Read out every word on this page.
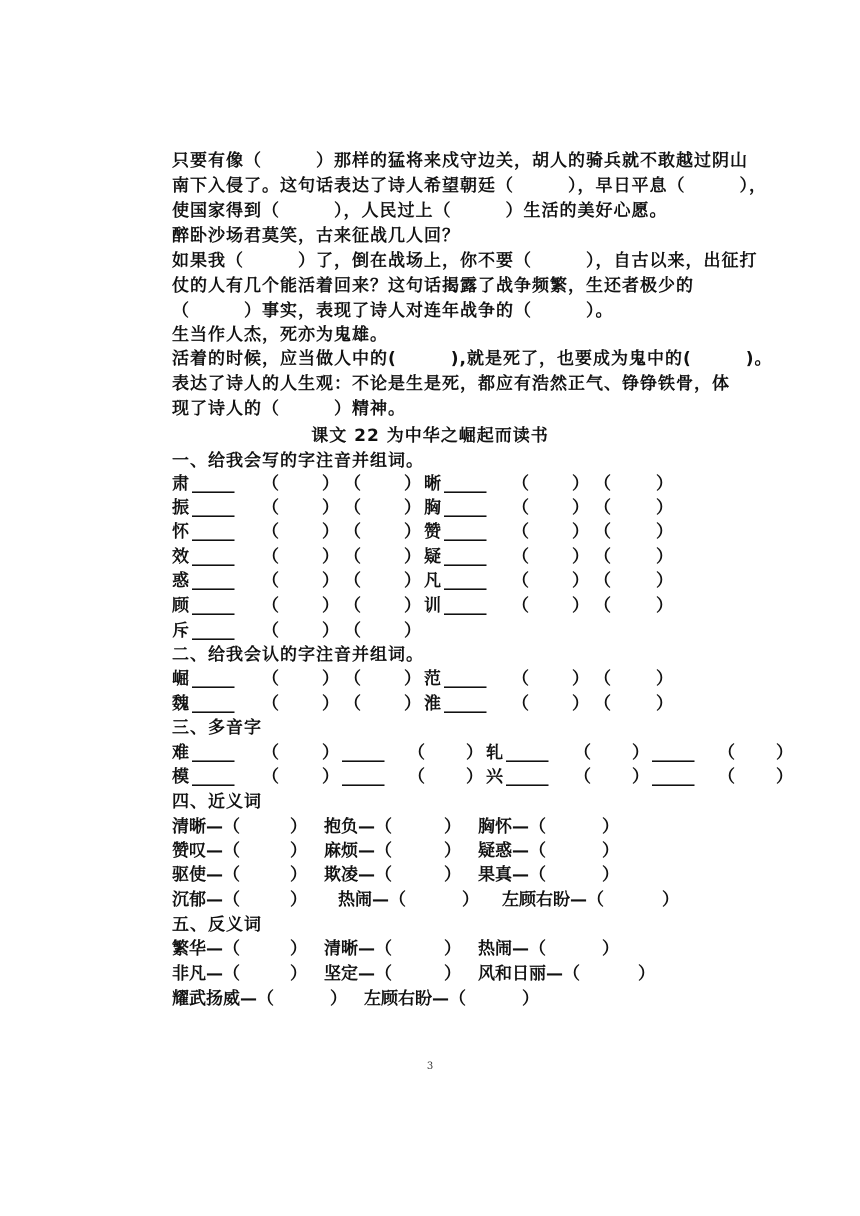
只要有像（　　　）那样的猛将来戍守边关，胡人的骑兵就不敢越过阴山
南下入侵了。这句话表达了诗人希望朝廷（　　　），早日平息（　　　），
使国家得到（　　　），人民过上（　　　）生活的美好心愿。
醉卧沙场君莫笑，古来征战几人回？
如果我（　　　）了，倒在战场上，你不要（　　　），自古以来，出征打
仗的人有几个能活着回来？这句话揭露了战争频繁，生还者极少的
（　　　）事实，表现了诗人对连年战争的（　　　）。
生当作人杰，死亦为鬼雄。
活着的时候，应当做人中的(　　　),就是死了，也要成为鬼中的(　　　)。
表达了诗人的人生观：不论是生是死，都应有浩然正气、铮铮铁骨，体
现了诗人的（　　　）精神。
课文 22 为中华之崛起而读书
一、给我会写的字注音并组词。
肃 _____ （	） （	） 晰 _____ （	） （	）
振 _____ （	） （	） 胸 _____ （	） （	）
怀 _____ （	） （	） 赞 _____ （	） （	）
效 _____ （	） （	） 疑 _____ （	） （	）
惑 _____ （	） （	） 凡 _____ （	） （	）
顾 _____ （	） （	） 训 _____ （	） （	）
斥 _____ （	） （	）
二、给我会认的字注音并组词。
崛 _____ （	） （	） 范 _____ （	） （	）
魏 _____ （	） （	） 淮 _____ （	） （	）
三、多音字
难 _____ （	） _____ （ ） 轧 _____ （ ） _____ （ ）
模 _____ （	） _____ （ ） 兴 _____ （ ） _____ （ ）
四、近义词
清晰—（	） 抱负—（	） 胸怀—（	）
赞叹—（	） 麻烦—（	） 疑惑—（	）
驱使—（	） 欺凌—（	） 果真—（	）
沉郁—（	） 热闹—（	） 左顾右盼—（	）
五、反义词
繁华—（	） 清晰—（	） 热闹—（	）
非凡—（	） 坚定—（	） 风和日丽—（	）
耀武扬威—（	） 左顾右盼—（	）
3
